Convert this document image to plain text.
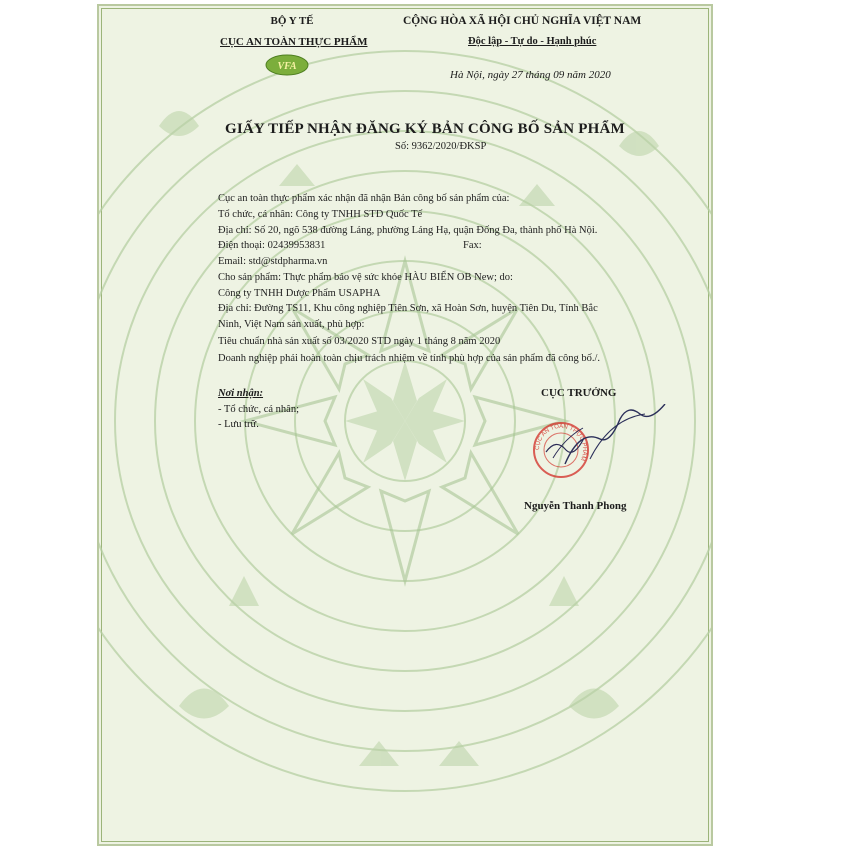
VFA
BỘ Y TẾ
CỤC AN TOÀN THỰC PHẨM
CỘNG HÒA XÃ HỘI CHỦ NGHĨA VIỆT NAM
Độc lập - Tự do - Hạnh phúc
Hà Nội, ngày 27 tháng 09 năm 2020
GIẤY TIẾP NHẬN ĐĂNG KÝ BẢN CÔNG BỐ SẢN PHẨM
Số: 9362/2020/ĐKSP
Cục an toàn thực phẩm xác nhận đã nhận Bản công bố sản phẩm của:
Tổ chức, cá nhân: Công ty TNHH STD Quốc Tế
Địa chỉ: Số 20, ngõ 538 đường Láng, phường Láng Hạ, quận Đống Đa, thành phố Hà Nội.
Điện thoại: 02439953831	Fax:
Email: std@stdpharma.vn
Cho sản phẩm: Thực phẩm bảo vệ sức khỏe HÀU BIỂN OB New; do:
Công ty TNHH Dược Phẩm USAPHA
Địa chỉ: Đường TS11, Khu công nghiệp Tiên Sơn, xã Hoàn Sơn, huyện Tiên Du, Tỉnh Bắc
Ninh, Việt Nam sản xuất, phù hợp:
Tiêu chuẩn nhà sản xuất số 03/2020 STD ngày 1 tháng 8 năm 2020
Doanh nghiệp phải hoàn toàn chịu trách nhiệm về tính phù hợp của sản phẩm đã công bố./.
Nơi nhận:
- Tổ chức, cá nhân;
- Lưu trữ.
CỤC TRƯỞNG
CỤC AN TOÀN THỰC PHẨM
Nguyễn Thanh Phong
